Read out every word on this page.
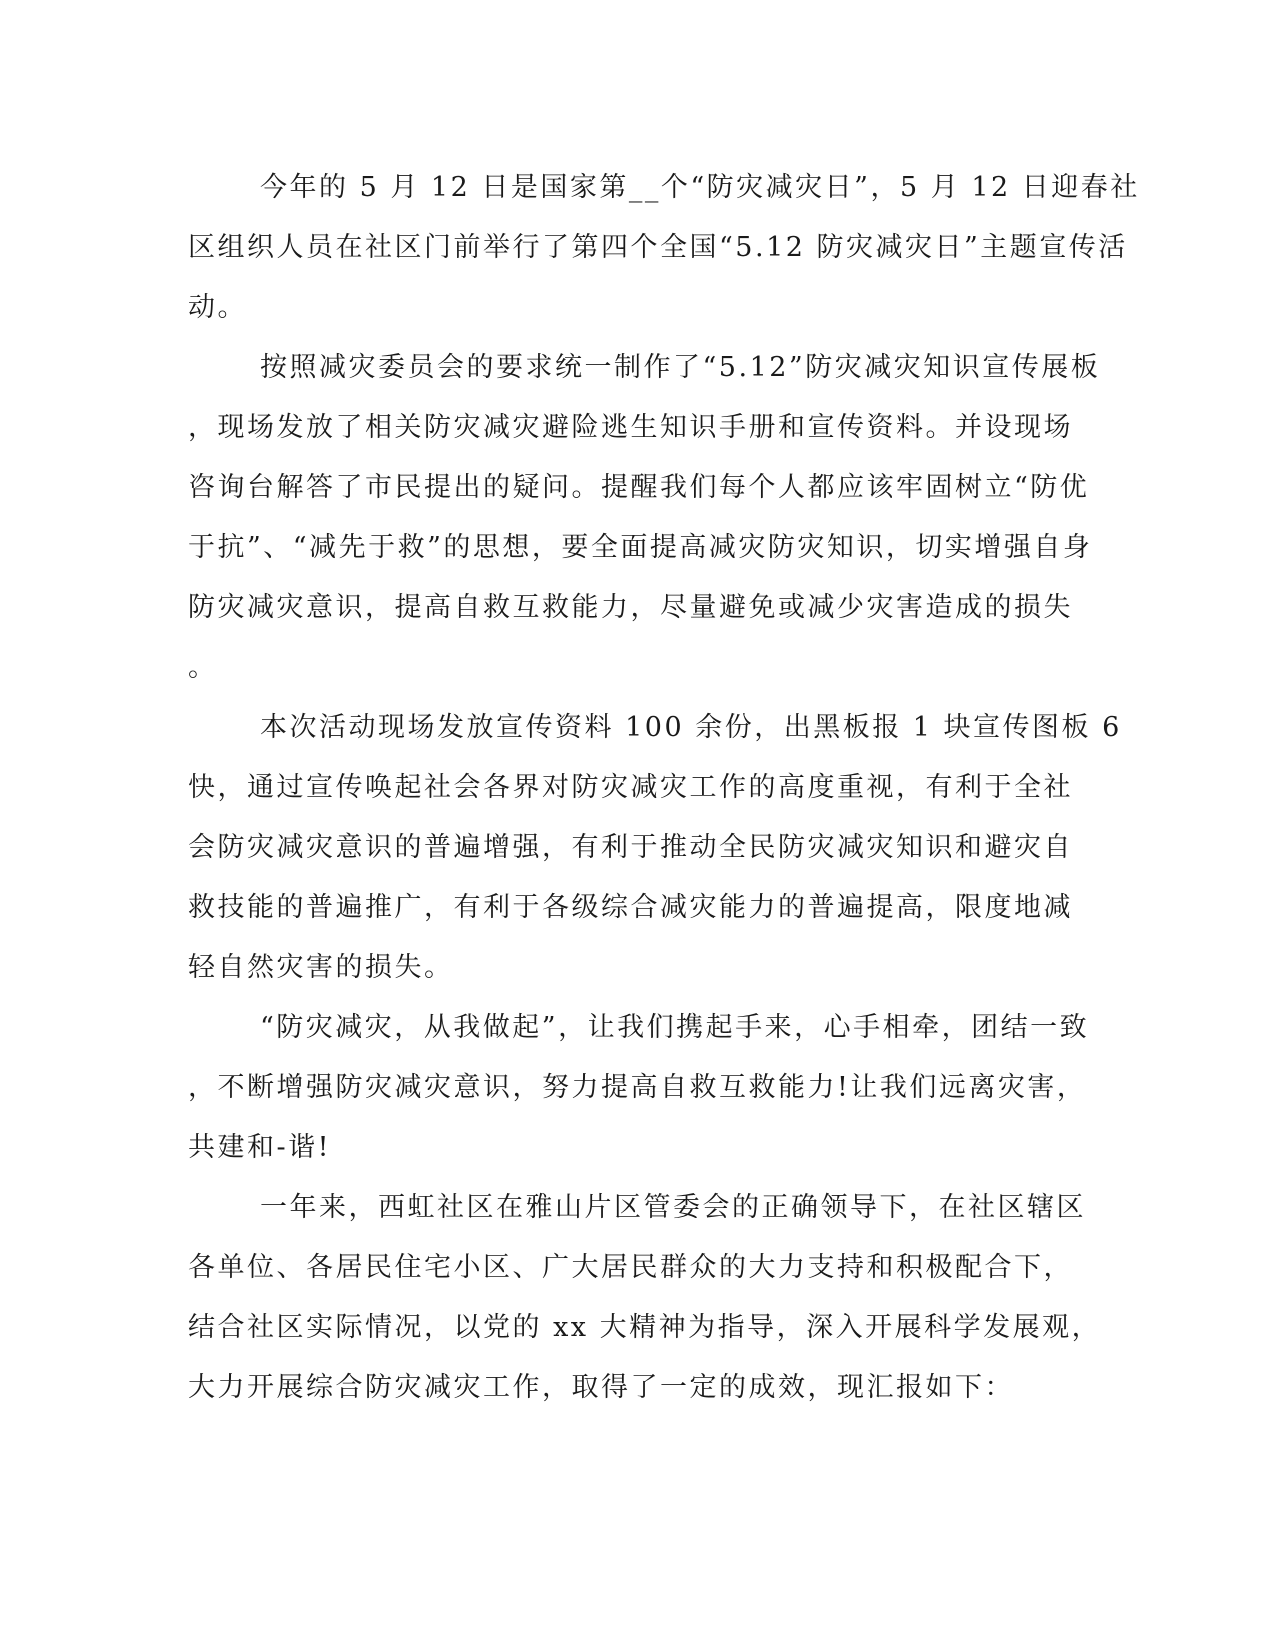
今年的 5 月 12 日是国家第__个“防灾减灾日”，5 月 12 日迎春社
区组织人员在社区门前举行了第四个全国“5.12 防灾减灾日”主题宣传活
动。

按照减灾委员会的要求统一制作了“5.12”防灾减灾知识宣传展板
，现场发放了相关防灾减灾避险逃生知识手册和宣传资料。并设现场
咨询台解答了市民提出的疑问。提醒我们每个人都应该牢固树立“防优
于抗”、“减先于救”的思想，要全面提高减灾防灾知识，切实增强自身
防灾减灾意识，提高自救互救能力，尽量避免或减少灾害造成的损失
。

本次活动现场发放宣传资料 100 余份，出黑板报 1 块宣传图板 6
快，通过宣传唤起社会各界对防灾减灾工作的高度重视，有利于全社
会防灾减灾意识的普遍增强，有利于推动全民防灾减灾知识和避灾自
救技能的普遍推广，有利于各级综合减灾能力的普遍提高，限度地减
轻自然灾害的损失。

“防灾减灾，从我做起”，让我们携起手来，心手相牵，团结一致
，不断增强防灾减灾意识，努力提高自救互救能力!让我们远离灾害，
共建和-谐!

一年来，西虹社区在雅山片区管委会的正确领导下，在社区辖区
各单位、各居民住宅小区、广大居民群众的大力支持和积极配合下，
结合社区实际情况，以党的 xx 大精神为指导，深入开展科学发展观，
大力开展综合防灾减灾工作，取得了一定的成效，现汇报如下：
